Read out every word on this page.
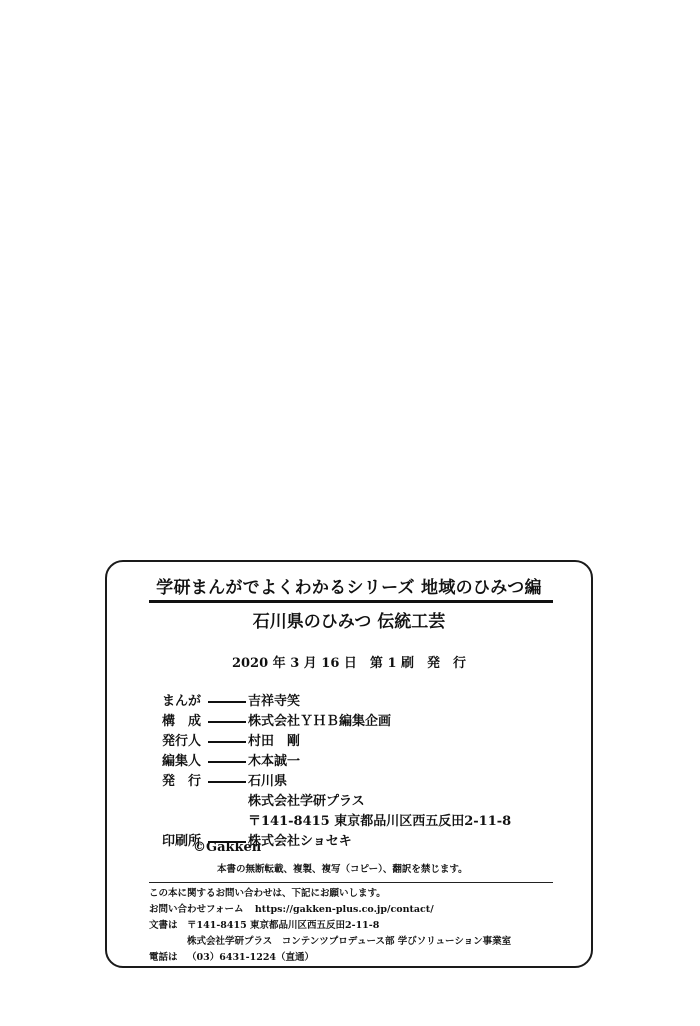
学研まんがでよくわかるシリーズ 地域のひみつ編
石川県のひみつ 伝統工芸
2020 年 3 月 16 日　第 1 刷　発　行
まんが	吉祥寺笑
構　成	株式会社ＹＨＢ編集企画
発行人	村田　剛
編集人	木本誠一
発　行	石川県
株式会社学研プラス
〒141-8415 東京都品川区西五反田2-11-8
印刷所	株式会社ショセキ
©Gakken
本書の無断転載、複製、複写（コピー）、翻訳を禁じます。
この本に関するお問い合わせは、下記にお願いします。
お問い合わせフォーム https://gakken-plus.co.jp/contact/
文書は 〒141-8415 東京都品川区西五反田2-11-8
株式会社学研プラス　コンテンツプロデュース部 学びソリューション事業室
電話は （03）6431-1224（直通）
